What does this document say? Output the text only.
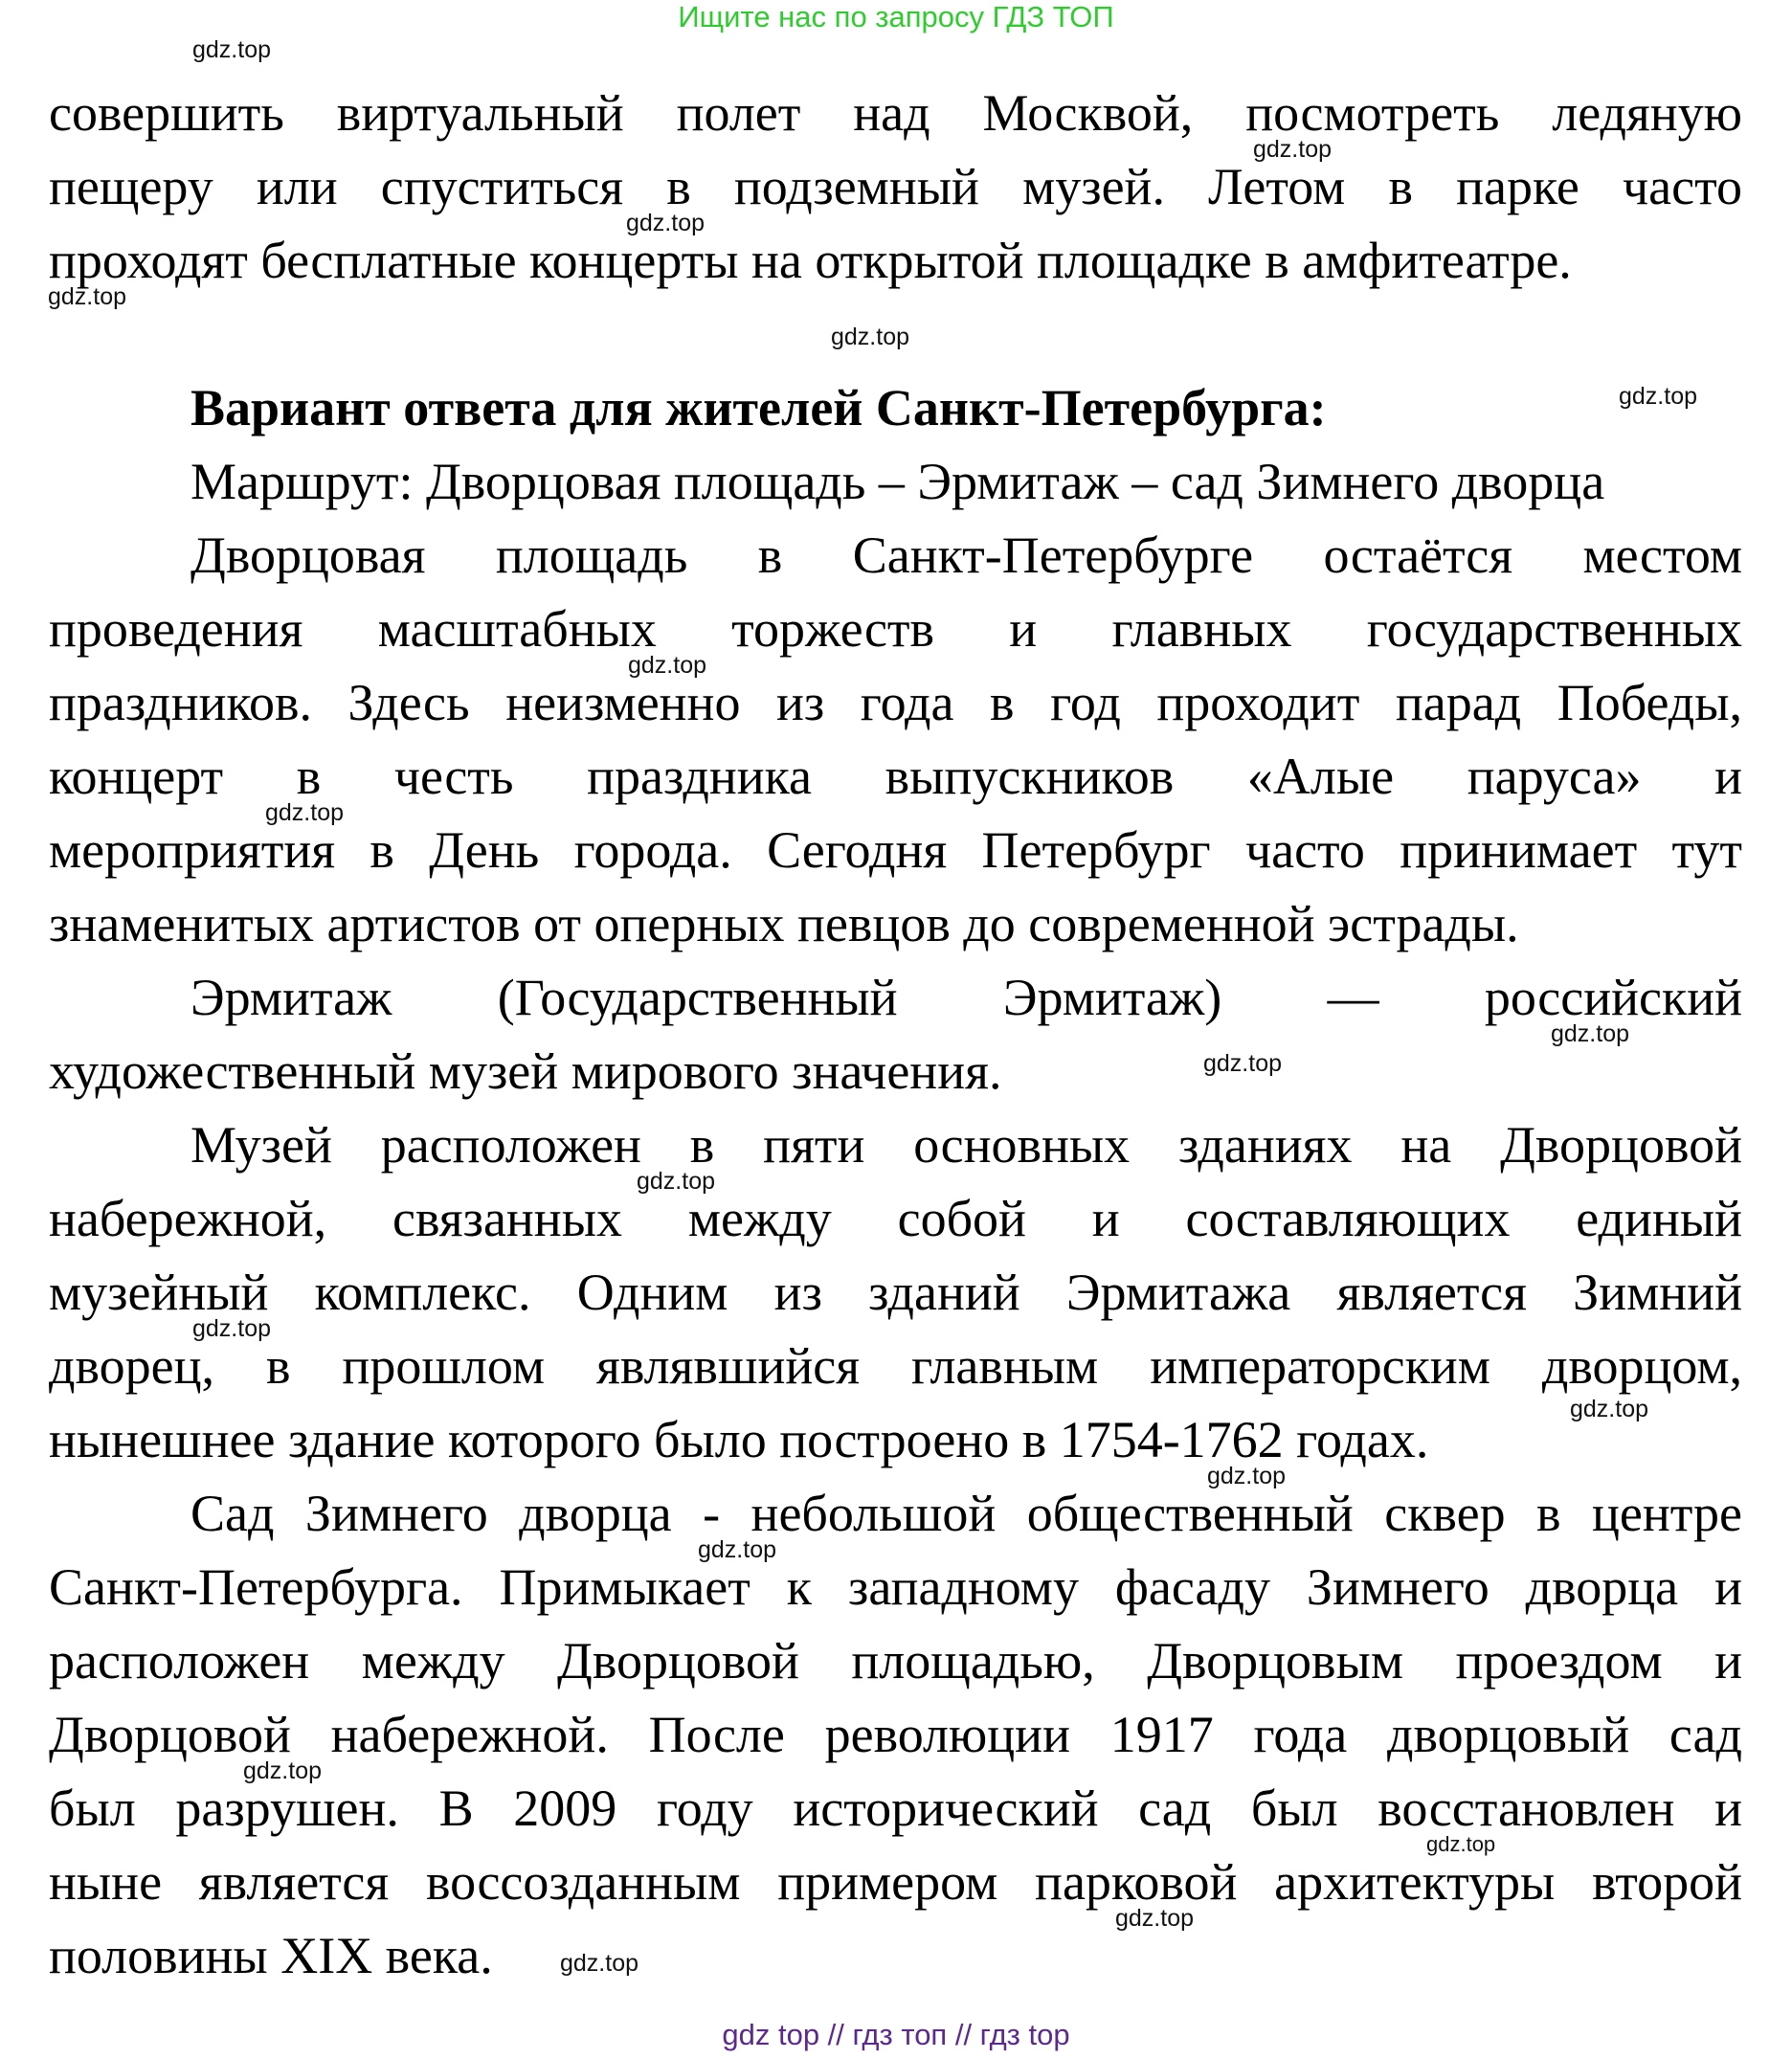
Ищите нас по запросу ГДЗ ТОП
совершить виртуальный полет над Москвой, посмотреть ледяную
пещеру или спуститься в подземный музей. Летом в парке часто
проходят бесплатные концерты на открытой площадке в амфитеатре.
Вариант ответа для жителей Санкт-Петербурга:
Маршрут: Дворцовая площадь – Эрмитаж – сад Зимнего дворца
Дворцовая площадь в Санкт-Петербурге остаётся местом
проведения масштабных торжеств и главных государственных
праздников. Здесь неизменно из года в год проходит парад Победы,
концерт в честь праздника выпускников «Алые паруса» и
мероприятия в День города. Сегодня Петербург часто принимает тут
знаменитых артистов от оперных певцов до современной эстрады.
Эрмитаж (Государственный Эрмитаж) — российский
художественный музей мирового значения.
Музей расположен в пяти основных зданиях на Дворцовой
набережной, связанных между собой и составляющих единый
музейный комплекс. Одним из зданий Эрмитажа является Зимний
дворец, в прошлом являвшийся главным императорским дворцом,
нынешнее здание которого было построено в 1754-1762 годах.
Сад Зимнего дворца - небольшой общественный сквер в центре
Санкт-Петербурга. Примыкает к западному фасаду Зимнего дворца и
расположен между Дворцовой площадью, Дворцовым проездом и
Дворцовой набережной. После революции 1917 года дворцовый сад
был разрушен. В 2009 году исторический сад был восстановлен и
ныне является воссозданным примером парковой архитектуры второй
половины XIX века.
gdz.top
gdz.top
gdz.top
gdz.top
gdz.top
gdz.top
gdz.top
gdz.top
gdz.top
gdz.top
gdz.top
gdz.top
gdz.top
gdz.top
gdz.top
gdz.top
gdz.top
gdz.top
gdz.top
gdz top // гдз топ // гдз top
